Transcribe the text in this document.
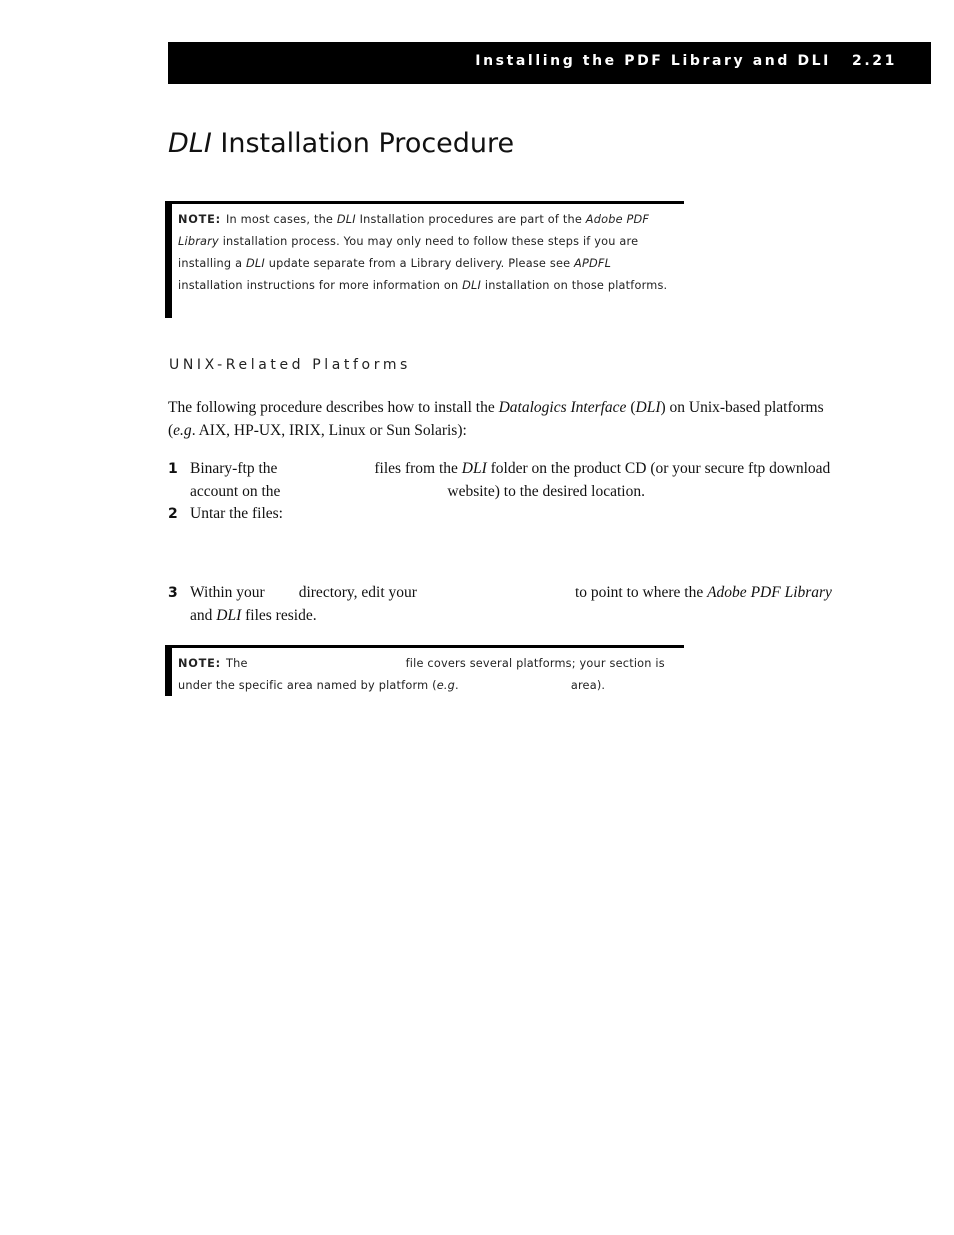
Installing the PDF Library and DLI 2.21
DLI Installation Procedure
NOTE: In most cases, the DLI Installation procedures are part of the Adobe PDF Library installation process. You may only need to follow these steps if you are installing a DLI update separate from a Library delivery. Please see APDFL installation instructions for more information on DLI installation on those platforms.
UNIX-Related Platforms

The following procedure describes how to install the Datalogics Interface (DLI) on Unix-based platforms (e.g. AIX, HP-UX, IRIX, Linux or Sun Solaris):

1 Binary-ftp the	files from the DLI folder on the product CD (or your secure ftp download account on the	website) to the desired location.
2 Untar the files:
3 Within your directory, edit your	to point to where the Adobe PDF Library and DLI files reside.
NOTE: The	file covers several platforms; your section is under the specific area named by platform (e.g.	area).
